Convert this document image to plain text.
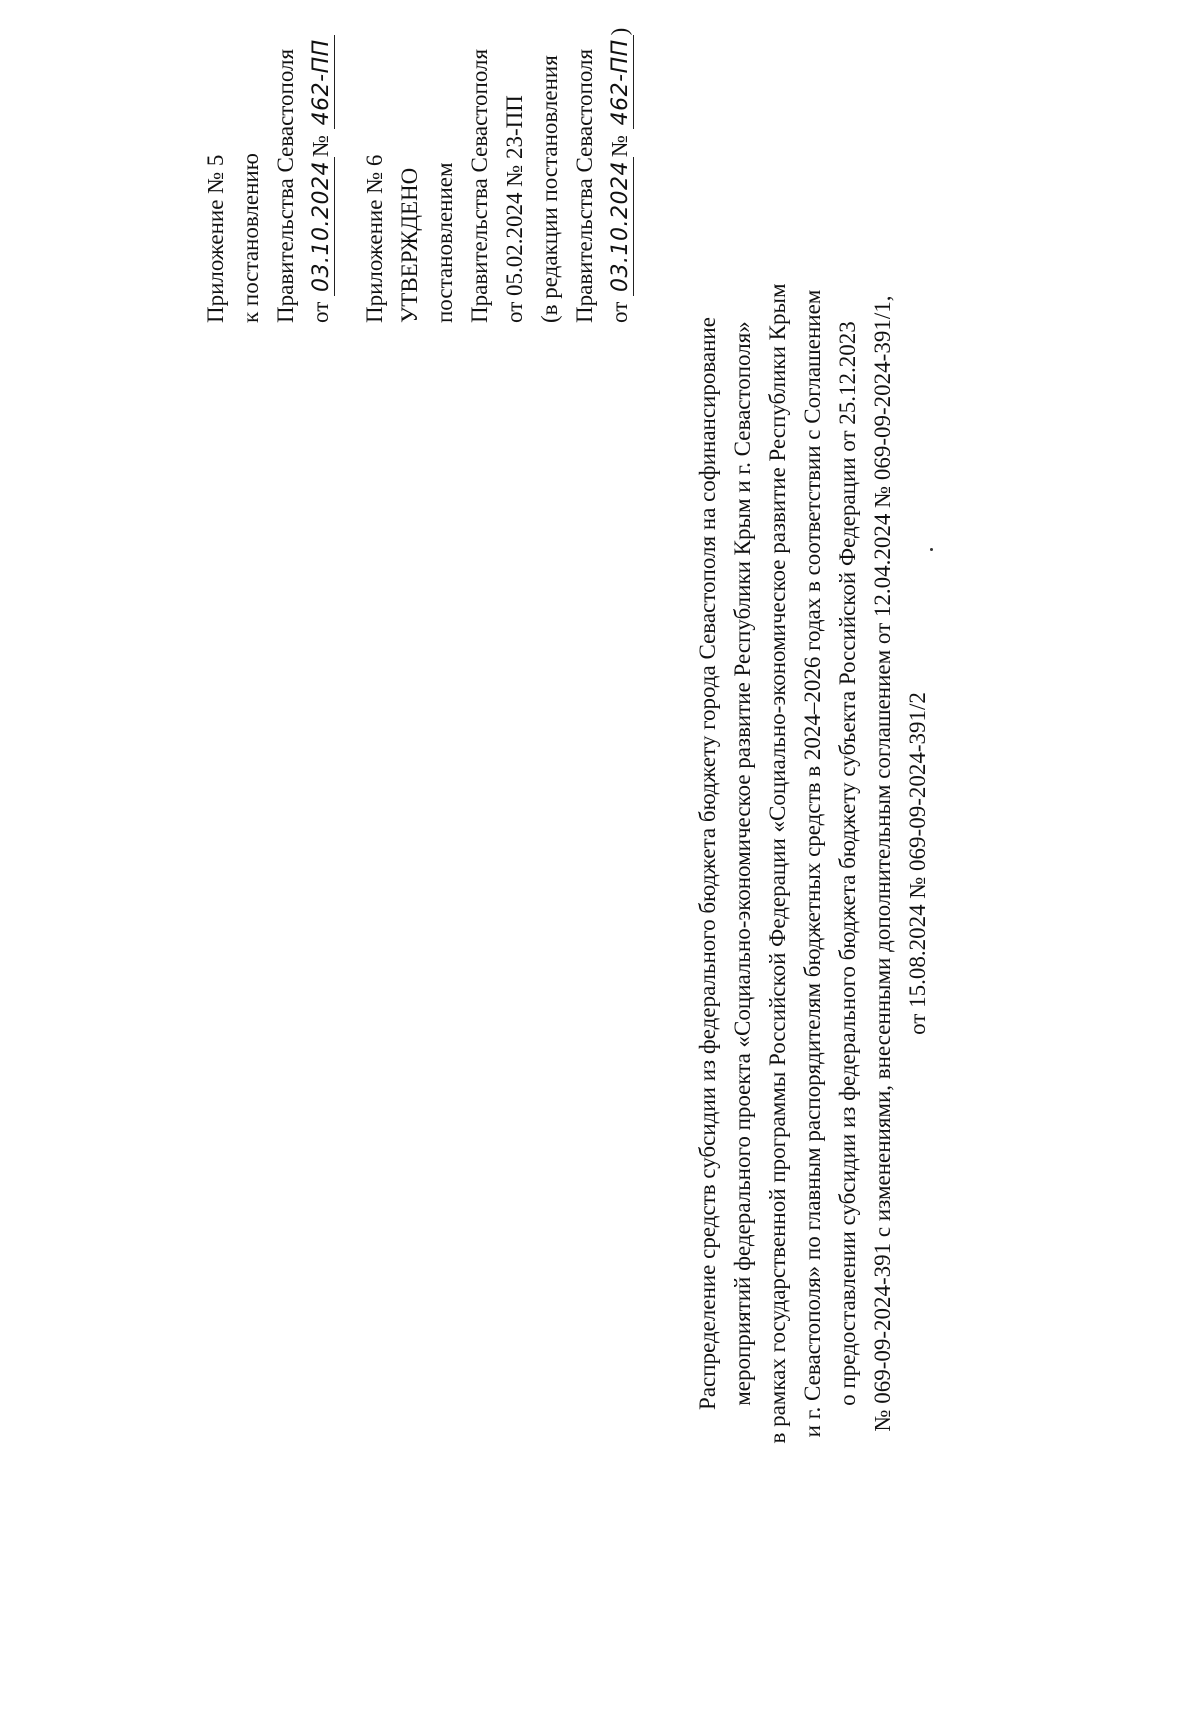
Приложение № 5 к постановлению Правительства Севастополя от 03.10.2024№ 462-ПП
Приложение № 6 УТВЕРЖДЕНО постановлением Правительства Севастополя от 05.02.2024 № 23-ПП (в редакции постановления Правительства Севастополя от 03.10.2024№ 462-ПП)
Распределение средств субсидии из федерального бюджета бюджету города Севастополя на софинансирование мероприятий федерального проекта «Социально-экономическое развитие Республики Крым и г. Севастополя» в рамках государственной программы Российской Федерации «Социально-экономическое развитие Республики Крым и г. Севастополя» по главным распорядителям бюджетных средств в 2024–2026 годах в соответствии с Соглашением о предоставлении субсидии из федерального бюджета бюджету субъекта Российской Федерации от 25.12.2023 № 069-09-2024-391 с изменениями, внесенными дополнительным соглашением от 12.04.2024 № 069-09-2024-391/1, от 15.08.2024 № 069-09-2024-391/2
